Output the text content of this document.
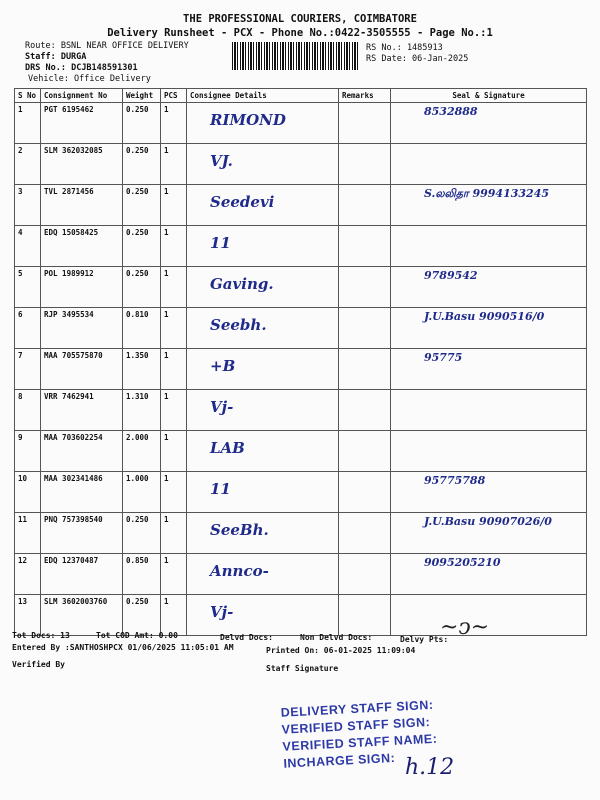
THE PROFESSIONAL COURIERS, COIMBATORE
Delivery Runsheet - PCX - Phone No.:0422-3505555 - Page No.:1
Route: BSNL NEAR OFFICE DELIVERY
Staff: DURGA
DRS No.: DCJB148591301
Vehicle: Office Delivery
RS No.: 1485913
RS Date: 06-Jan-2025
S No	Consignment No	Weight	PCS	Consignee Details	Remarks	Seal & Signature
1	PGT 6195462	0.250	1	RIMOND		8532888

2	SLM 362032085	0.250	1	VJ.		

3	TVL 2871456	0.250	1	Seedevi		S.லலிதா 9994133245

4	EDQ 15058425	0.250	1	11		

5	POL 1989912	0.250	1	Gaving.		9789542

6	RJP 3495534	0.810	1	Seebh.		J.U.Basu 9090516/0

7	MAA 705575870	1.350	1	+B		95775

8	VRR 7462941	1.310	1	Vj-		

9	MAA 703602254	2.000	1	LAB		

10	MAA 302341486	1.000	1	11		95775788

11	PNQ 757398540	0.250	1	SeeBh.		J.U.Basu 90907026/0

12	EDQ 12370487	0.850	1	Annco-		9095205210

13	SLM 3602003760	0.250	1	Vj-		

Tot Docs: 13	Tot COD Amt: 0.00	Delvd Docs:	Non Delvd Docs:	Delvy Pts:
Entered By :SANTHOSHPCX 01/06/2025 11:05:01 AM	Printed On: 06-01-2025 11:09:04
Verified By	Staff Signature
~ↄ~
DELIVERY STAFF SIGN:
VERIFIED STAFF SIGN:
VERIFIED STAFF NAME:
INCHARGE SIGN: h.12
